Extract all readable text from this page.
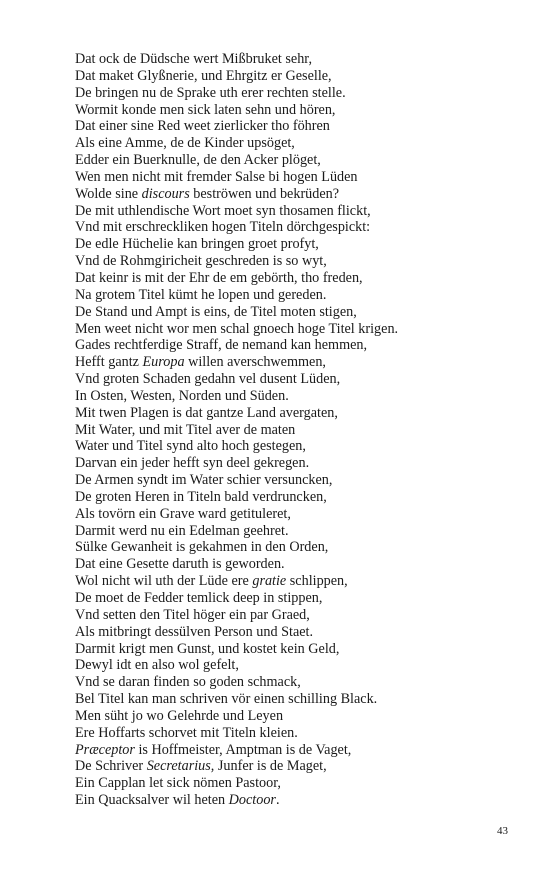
Dat ock de Düdsche wert Mißbruket sehr,
Dat maket Glyßnerie, und Ehrgitz er Geselle,
De bringen nu de Sprake uth erer rechten stelle.
Wormit konde men sick laten sehn und hören,
Dat einer sine Red weet zierlicker tho föhren
Als eine Amme, de de Kinder upsöget,
Edder ein Buerknulle, de den Acker plöget,
Wen men nicht mit fremder Salse bi hogen Lüden
Wolde sine discours beströwen und bekrüden?
De mit uthlendische Wort moet syn thosamen flickt,
Vnd mit erschreckliken hogen Titeln dörchgespickt:
De edle Hüchelie kan bringen groet profyt,
Vnd de Rohmgiricheit geschreden is so wyt,
Dat keinr is mit der Ehr de em gebörth, tho freden,
Na grotem Titel kümt he lopen und gereden.
De Stand und Ampt is eins, de Titel moten stigen,
Men weet nicht wor men schal gnoech hoge Titel krigen.
Gades rechtferdige Straff, de nemand kan hemmen,
Hefft gantz Europa willen averschwemmen,
Vnd groten Schaden gedahn vel dusent Lüden,
In Osten, Westen, Norden und Süden.
Mit twen Plagen is dat gantze Land avergaten,
Mit Water, und mit Titel aver de maten
Water und Titel synd alto hoch gestegen,
Darvan ein jeder hefft syn deel gekregen.
De Armen syndt im Water schier versuncken,
De groten Heren in Titeln bald verdruncken,
Als tovörn ein Grave ward getituleret,
Darmit werd nu ein Edelman geehret.
Sülke Gewanheit is gekahmen in den Orden,
Dat eine Gesette daruth is geworden.
Wol nicht wil uth der Lüde ere gratie schlippen,
De moet de Fedder temlick deep in stippen,
Vnd setten den Titel höger ein par Graed,
Als mitbringt dessülven Person und Staet.
Darmit krigt men Gunst, und kostet kein Geld,
Dewyl idt en also wol gefelt,
Vnd se daran finden so goden schmack,
Bel Titel kan man schriven vör einen schilling Black.
Men süht jo wo Gelehrde und Leyen
Ere Hoffarts schorvet mit Titeln kleien.
Præceptor is Hoffmeister, Amptman is de Vaget,
De Schriver Secretarius, Junfer is de Maget,
Ein Capplan let sick nömen Pastoor,
Ein Quacksalver wil heten Doctoor.
43
